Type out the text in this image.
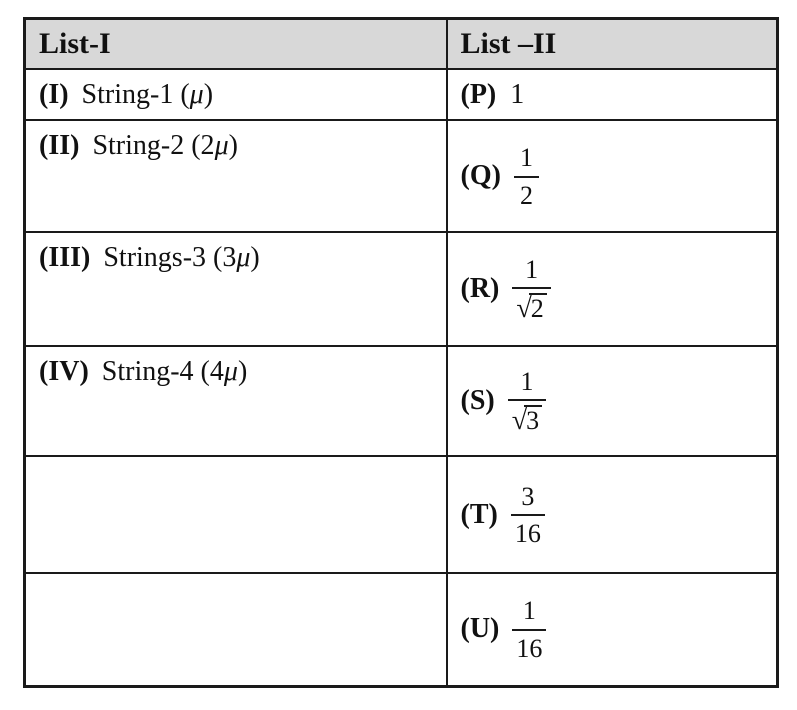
List-I	List –II
(I) String-1 (μ)	(P) 1

(II) String-2 (2μ)	$(Q) \frac{1}{2}$

(III) Strings-3 (3μ)	$(R) \frac{1}{√2}$

(IV) String-4 (4μ)	$(S) \frac{1}{√3}$

	$(T) \frac{3}{16}$

	$(U) \frac{1}{16}$
